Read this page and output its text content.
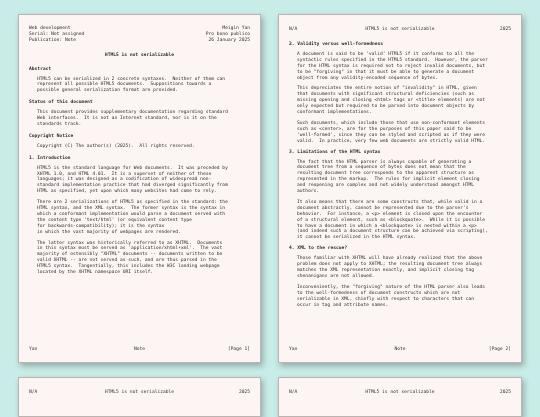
Web development
Serial: Not assigned
Publication: Note
Meigin Yan
Pro bono publico
26 January 2025
HTML5 is not serializable
Abstract
HTML5 can be serialized in 2 concrete syntaxes.  Neither of them can
represent all possible HTML5 documents.  Suppositions towards a
possible general serialization format are provided.
Status of this document
This document provides supplementary documentation regarding standard
Web interfaces.  It is not an Internet standard, nor is it on the
standards track.
Copyright Notice
Copyright (C) The author(s) (2025).  All rights reserved.
1. Introduction
HTML5 is the standard language for Web documents.  It was preceded by
XHTML 1.0, and HTML 4.01.  It is a superset of neither of these
languages; it was designed as a codification of widespread non-
standard implementation practice that had diverged significantly from
HTML as specified, yet upon which many websites had come to rely.
There are 2 serializations of HTML5 as specified in the standard: the
HTML syntax, and the XML syntax.  The former syntax is the syntax in
which a conformant implementation would parse a document served with
the content type 'text/html' (or equivalent content type
for backwards-compatibility); it is the syntax
in which the vast majority of webpages are rendered.
The latter syntax was historically referred to as XHTML.  Documents
in this syntax must be served as 'application/xhtml+xml'.  The vast
majority of ostensibly "XHTML" documents -- documents written to be
valid XHTML -- are not served as such, and are thus parsed in the
HTML5 syntax.  Tangentially, this includes the W3C landing webpage
located by the XHTML namespace URI itself.
Yan	Note	[Page 1]
N/A	HTML5 is not serializable	2025
2. Validity versus well-formedness
A document is said to be 'valid' HTML5 if it conforms to all the
syntactic rules specified in the HTML5 standard.  However, the parser
for the HTML syntax is required not to reject invalid documents, but
to be "forgiving" in that it must be able to generate a document
object from any validity-encoded sequence of bytes.
This depreciates the entire notion of "invalidity" in HTML, given
that documents with significant structural deficiencies (such as
missing opening and closing <html> tags or <title> elements) are not
only expected but required to be parsed into document objects by
conformant implementations.
Such documents, which include those that use non-conformant elements
such as <center>, are for the purposes of this paper said to be
'well-formed', since they can be styled and scripted as if they were
valid.  In practice, very few web documents are strictly valid HTML.
3. Limitations of the HTML syntax
The fact that the HTML parser is always capable of generating a
document tree from a sequence of bytes does not mean that the
resulting document tree corresponds to the apparent structure as
represented in the markup.  The rules for implicit element closing
and reopening are complex and not widely understood amongst HTML
authors.
It also means that there are some constructs that, while valid in a
document abstractly, cannot be represented due to the parser's
behavior.  For instance, a <p> element is closed upon the encounter
of a structural element, such as <blockquote>.  While it is possible
to have a document in which a <blockquote> is nested within a <p>
(and indeed such a document structure can be achieved via scripting),
it cannot be serialized in the HTML syntax.
4. XML to the rescue?
Those familiar with XHTML will have already realized that the above
problem does not apply to XHTML; the resulting document tree always
matches the XML representation exactly, and implicit closing tag
shenanigans are not allowed.
Inconveniently, the "forgiving" nature of the HTML parser also leads
to the well-formedness of document constructs which are not
serializable in XML, chiefly with respect to characters that can
occur in tag and attribute names.
Yan	Note	[Page 2]
N/A	HTML5 is not serializable	2025	N/A	HTML5 is not serializable	2025
